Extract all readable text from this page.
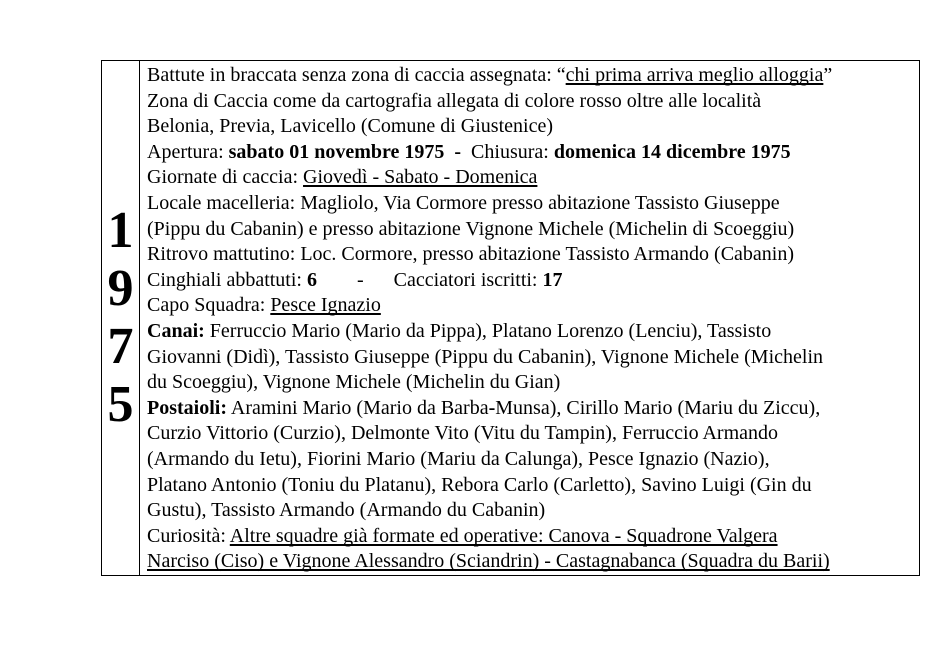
1
9
7
5
Battute in braccata senza zona di caccia assegnata: “chi prima arriva meglio alloggia”
Zona di Caccia come da cartografia allegata di colore rosso oltre alle località
Belonia, Previa, Lavicello (Comune di Giustenice)
Apertura: sabato 01 novembre 1975  -  Chiusura: domenica 14 dicembre 1975
Giornate di caccia: Giovedì - Sabato - Domenica
Locale macelleria: Magliolo, Via Cormore presso abitazione Tassisto Giuseppe
(Pippu du Cabanin) e presso abitazione Vignone Michele (Michelin di Scoeggiu)
Ritrovo mattutino: Loc. Cormore, presso abitazione Tassisto Armando (Cabanin)
Cinghiali abbattuti: 6        -      Cacciatori iscritti: 17
Capo Squadra: Pesce Ignazio
Canai: Ferruccio Mario (Mario da Pippa), Platano Lorenzo (Lenciu), Tassisto
Giovanni (Didì), Tassisto Giuseppe (Pippu du Cabanin), Vignone Michele (Michelin
du Scoeggiu), Vignone Michele (Michelin du Gian)
Postaioli: Aramini Mario (Mario da Barba-Munsa), Cirillo Mario (Mariu du Ziccu),
Curzio Vittorio (Curzio), Delmonte Vito (Vitu du Tampin), Ferruccio Armando
(Armando du Ietu), Fiorini Mario (Mariu da Calunga), Pesce Ignazio (Nazio),
Platano Antonio (Toniu du Platanu), Rebora Carlo (Carletto), Savino Luigi (Gin du
Gustu), Tassisto Armando (Armando du Cabanin)
Curiosità: Altre squadre già formate ed operative: Canova - Squadrone Valgera
Narciso (Ciso) e Vignone Alessandro (Sciandrin) - Castagnabanca (Squadra du Barii)
